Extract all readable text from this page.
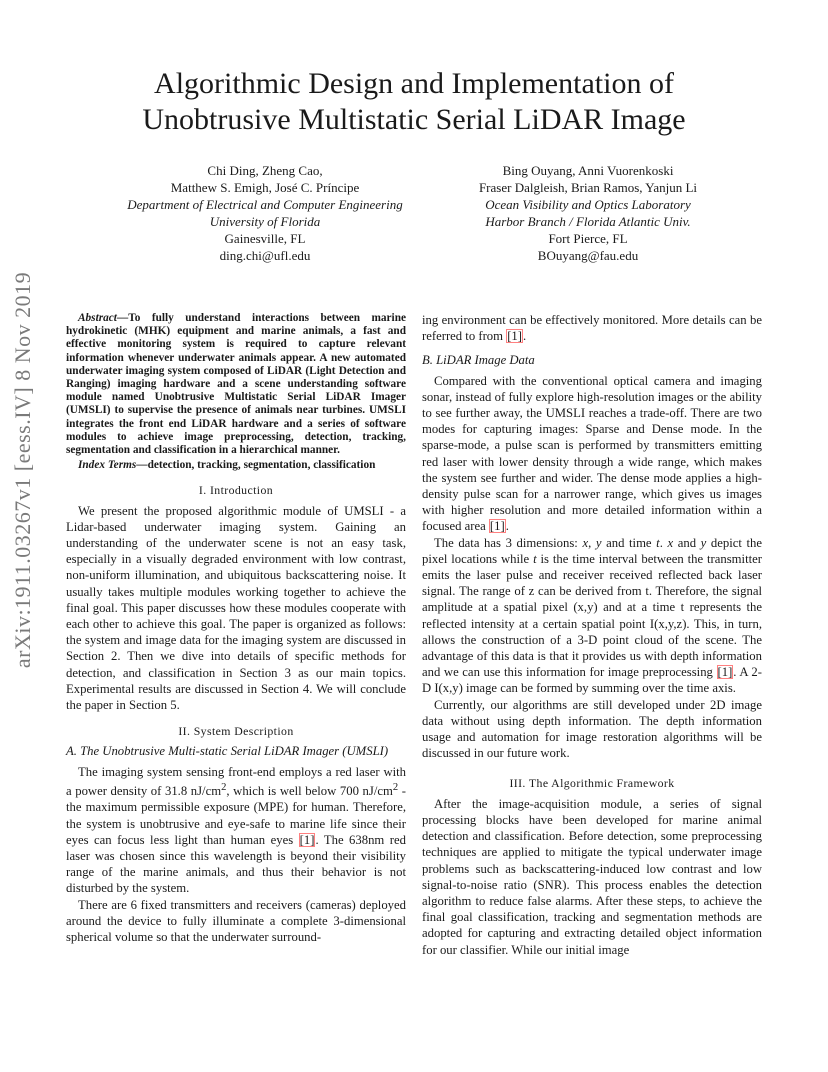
Algorithmic Design and Implementation of
Unobtrusive Multistatic Serial LiDAR Image
arXiv:1911.03267v1 [eess.IV] 8 Nov 2019
Chi Ding, Zheng Cao,
Matthew S. Emigh, José C. Príncipe
Department of Electrical and Computer Engineering
University of Florida
Gainesville, FL
ding.chi@ufl.edu
Bing Ouyang, Anni Vuorenkoski
Fraser Dalgleish, Brian Ramos, Yanjun Li
Ocean Visibility and Optics Laboratory
Harbor Branch / Florida Atlantic Univ.
Fort Pierce, FL
BOuyang@fau.edu

Abstract—To fully understand interactions between marine hydrokinetic (MHK) equipment and marine animals, a fast and effective monitoring system is required to capture relevant information whenever underwater animals appear. A new automated underwater imaging system composed of LiDAR (Light Detection and Ranging) imaging hardware and a scene understanding software module named Unobtrusive Multistatic Serial LiDAR Imager (UMSLI) to supervise the presence of animals near turbines. UMSLI integrates the front end LiDAR hardware and a series of software modules to achieve image preprocessing, detection, tracking, segmentation and classification in a hierarchical manner.

Index Terms—detection, tracking, segmentation, classification

I. Introduction

We present the proposed algorithmic module of UMSLI - a Lidar-based underwater imaging system. Gaining an understanding of the underwater scene is not an easy task, especially in a visually degraded environment with low contrast, non-uniform illumination, and ubiquitous backscattering noise. It usually takes multiple modules working together to achieve the final goal. This paper discusses how these modules cooperate with each other to achieve this goal. The paper is organized as follows: the system and image data for the imaging system are discussed in Section 2. Then we dive into details of specific methods for detection, and classification in Section 3 as our main topics. Experimental results are discussed in Section 4. We will conclude the paper in Section 5.

II. System Description

A. The Unobtrusive Multi-static Serial LiDAR Imager (UMSLI)

The imaging system sensing front-end employs a red laser with a power density of 31.8 $nJ/cm^2$, which is well below 700 $nJ/cm^2$ - the maximum permissible exposure (MPE) for human. Therefore, the system is unobtrusive and eye-safe to marine life since their eyes can focus less light than human eyes [1]. The 638nm red laser was chosen since this wavelength is beyond their visibility range of the marine animals, and thus their behavior is not disturbed by the system.

There are 6 fixed transmitters and receivers (cameras) deployed around the device to fully illuminate a complete 3-dimensional spherical volume so that the underwater surround-

ing environment can be effectively monitored. More details can be referred to from [1].

B. LiDAR Image Data

Compared with the conventional optical camera and imaging sonar, instead of fully explore high-resolution images or the ability to see further away, the UMSLI reaches a trade-off. There are two modes for capturing images: Sparse and Dense mode. In the sparse-mode, a pulse scan is performed by transmitters emitting red laser with lower density through a wide range, which makes the system see further and wider. The dense mode applies a high-density pulse scan for a narrower range, which gives us images with higher resolution and more detailed information within a focused area [1].

The data has 3 dimensions: x, y and time t. x and y depict the pixel locations while t is the time interval between the transmitter emits the laser pulse and receiver received reflected back laser signal. The range of z can be derived from t. Therefore, the signal amplitude at a spatial pixel (x,y) and at a time t represents the reflected intensity at a certain spatial point I(x,y,z). This, in turn, allows the construction of a 3-D point cloud of the scene. The advantage of this data is that it provides us with depth information and we can use this information for image preprocessing [1]. A 2-D I(x,y) image can be formed by summing over the time axis.

Currently, our algorithms are still developed under 2D image data without using depth information. The depth information usage and automation for image restoration algorithms will be discussed in our future work.

III. The Algorithmic Framework

After the image-acquisition module, a series of signal processing blocks have been developed for marine animal detection and classification. Before detection, some preprocessing techniques are applied to mitigate the typical underwater image problems such as backscattering-induced low contrast and low signal-to-noise ratio (SNR). This process enables the detection algorithm to reduce false alarms. After these steps, to achieve the final goal classification, tracking and segmentation methods are adopted for capturing and extracting detailed object information for our classifier. While our initial image
